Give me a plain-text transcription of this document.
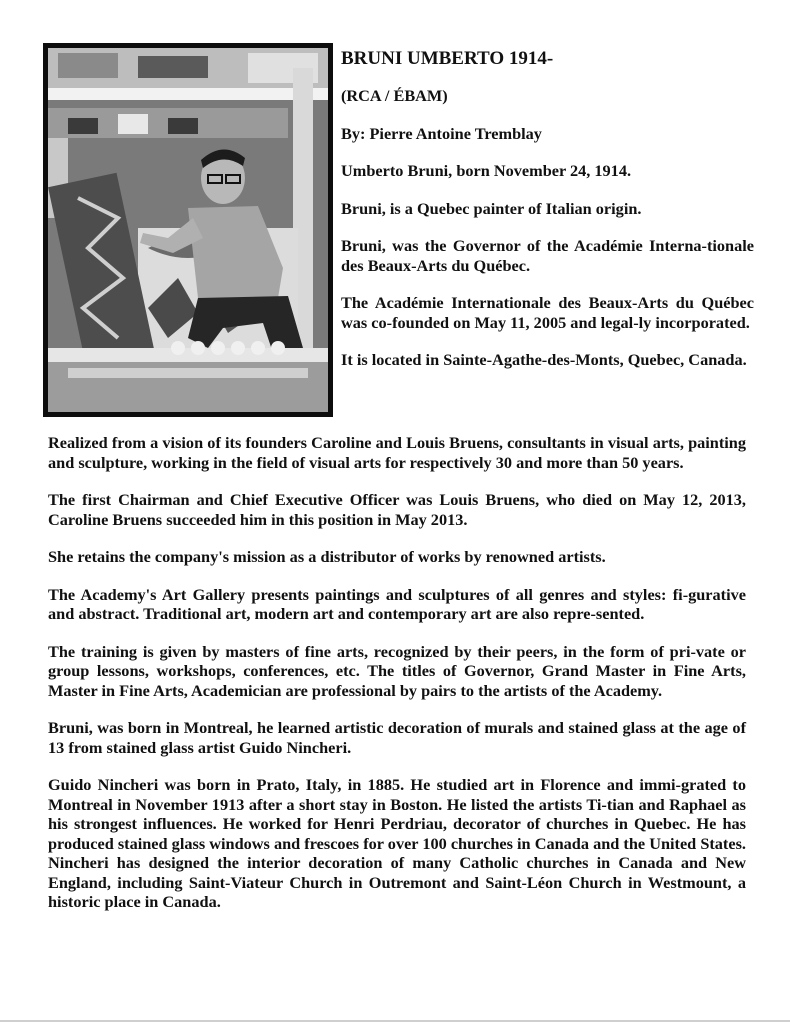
BRUNI UMBERTO 1914-

(RCA / ÉBAM)

By: Pierre Antoine Tremblay

Umberto Bruni, born November 24, 1914.

Bruni, is a Quebec painter of Italian origin.

Bruni, was the Governor of the Académie Interna-tionale des Beaux-Arts du Québec.

The Académie Internationale des Beaux-Arts du Québec was co-founded on May 11, 2005 and legal-ly incorporated.

It is located in Sainte-Agathe-des-Monts, Quebec, Canada.

Realized from a vision of its founders Caroline and Louis Bruens, consultants in visual arts, painting and sculpture, working in the field of visual arts for respectively 30 and more than 50 years.

The first Chairman and Chief Executive Officer was Louis Bruens, who died on May 12, 2013, Caroline Bruens succeeded him in this position in May 2013.

She retains the company's mission as a distributor of works by renowned artists.

The Academy's Art Gallery presents paintings and sculptures of all genres and styles: fi-gurative and abstract. Traditional art, modern art and contemporary art are also repre-sented.

The training is given by masters of fine arts, recognized by their peers, in the form of pri-vate or group lessons, workshops, conferences, etc. The titles of Governor, Grand Master in Fine Arts, Master in Fine Arts, Academician are professional by pairs to the artists of the Academy.

Bruni, was born in Montreal, he learned artistic decoration of murals and stained glass at the age of 13 from stained glass artist Guido Nincheri.

Guido Nincheri was born in Prato, Italy, in 1885. He studied art in Florence and immi-grated to Montreal in November 1913 after a short stay in Boston. He listed the artists Ti-tian and Raphael as his strongest influences. He worked for Henri Perdriau, decorator of churches in Quebec. He has produced stained glass windows and frescoes for over 100 churches in Canada and the United States. Nincheri has designed the interior decoration of many Catholic churches in Canada and New England, including Saint-Viateur Church in Outremont and Saint-Léon Church in Westmount, a historic place in Canada.
